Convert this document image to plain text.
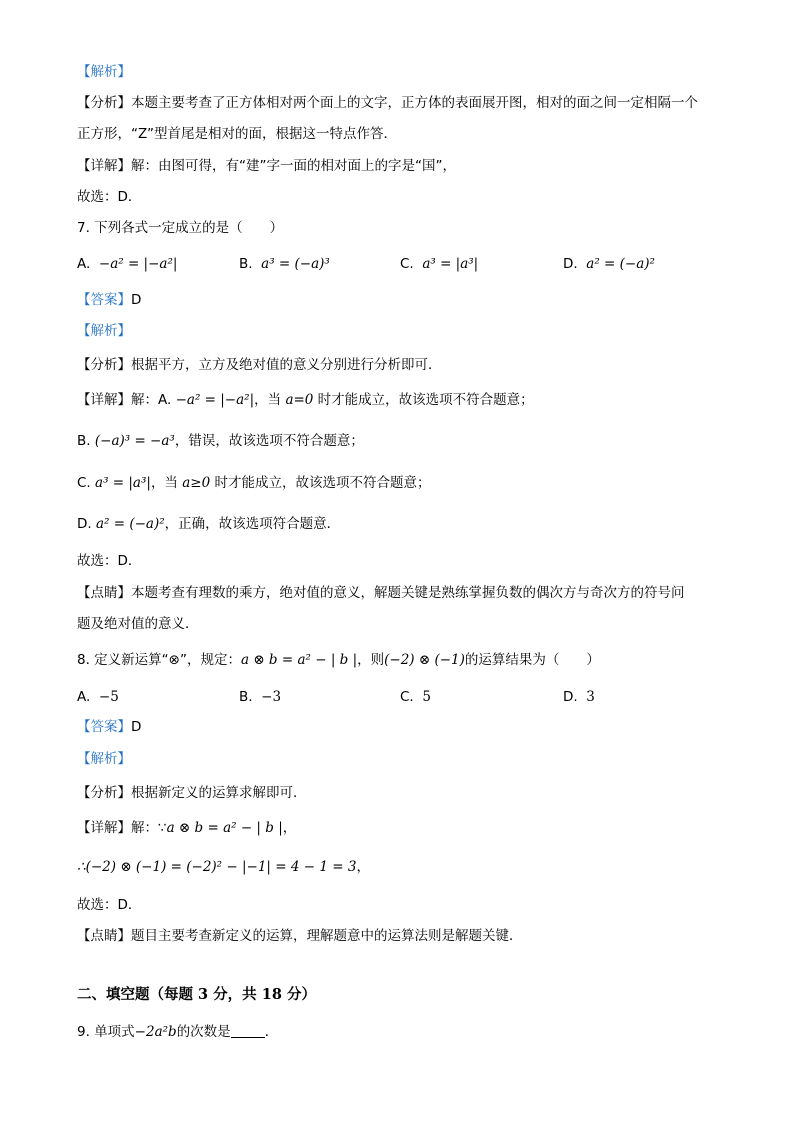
【解析】
【分析】本题主要考查了正方体相对两个面上的文字，正方体的表面展开图，相对的面之间一定相隔一个
正方形，“Z”型首尾是相对的面，根据这一特点作答．
【详解】解：由图可得，有“建”字一面的相对面上的字是“国”，
故选：D．
7. 下列各式一定成立的是（　　）
A. −a² = |−a²|	B. a³ = (−a)³	C. a³ = |a³|	D. a² = (−a)²
【答案】D
【解析】
【分析】根据平方，立方及绝对值的意义分别进行分析即可．
【详解】解：A. −a² = |−a²|，当 a=0 时才能成立，故该选项不符合题意；
B. (−a)³ = −a³，错误，故该选项不符合题意；
C. a³ = |a³|，当 a≥0 时才能成立，故该选项不符合题意；
D. a² = (−a)²，正确，故该选项符合题意．
故选：D．
【点睛】本题考查有理数的乘方，绝对值的意义，解题关键是熟练掌握负数的偶次方与奇次方的符号问
题及绝对值的意义．
8. 定义新运算“⊗”，规定：a ⊗ b = a² − | b |，则(−2) ⊗ (−1)的运算结果为（　　）
A. −5	B. −3	C. 5	D. 3
【答案】D
【解析】
【分析】根据新定义的运算求解即可．
【详解】解：∵a ⊗ b = a² − | b |，
∴(−2) ⊗ (−1) = (−2)² − |−1| = 4 − 1 = 3，
故选：D．
【点睛】题目主要考查新定义的运算，理解题意中的运算法则是解题关键．
二、填空题（每题 3 分，共 18 分）
9. 单项式−2a²b的次数是	．
